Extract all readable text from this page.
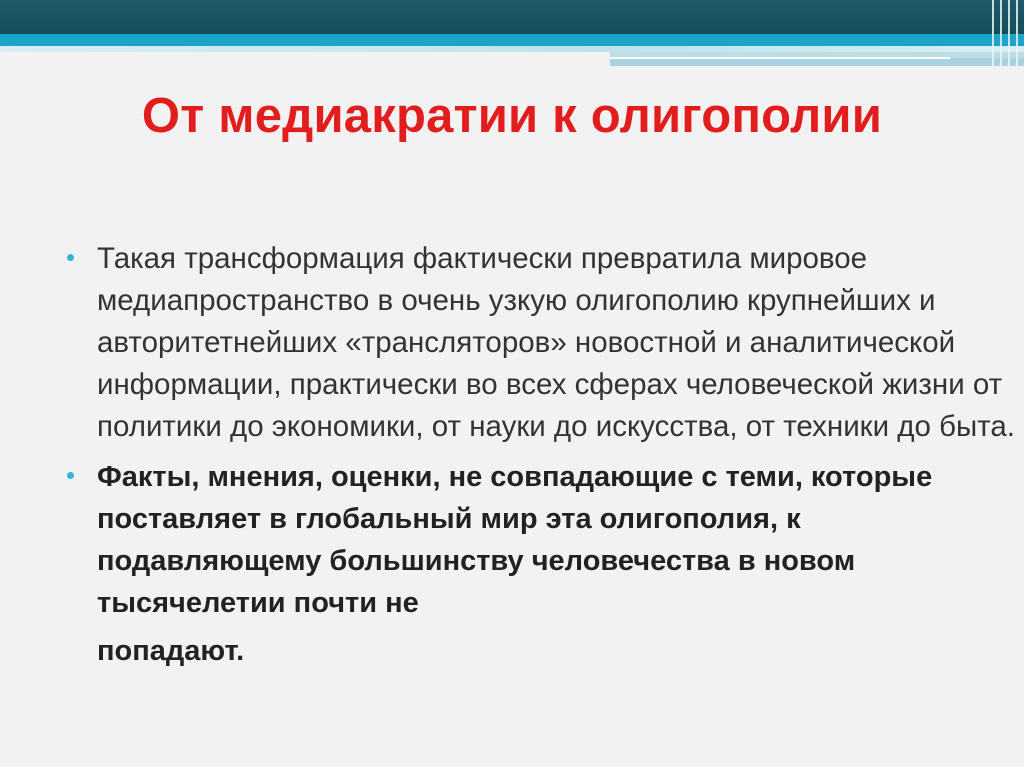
От медиакратии к олигополии
Такая трансформация фактически превратила мировое медиапространство в очень узкую олигополию крупнейших и авторитетнейших «трансляторов» новостной и аналитической информации, практически во всех сферах человеческой жизни от политики до экономики, от науки до искусства, от техники до быта.
Факты, мнения, оценки, не совпадающие с теми, которые поставляет в глобальный мир эта олигополия, к подавляющему большинству человечества в новом тысячелетии почти не
попадают.
